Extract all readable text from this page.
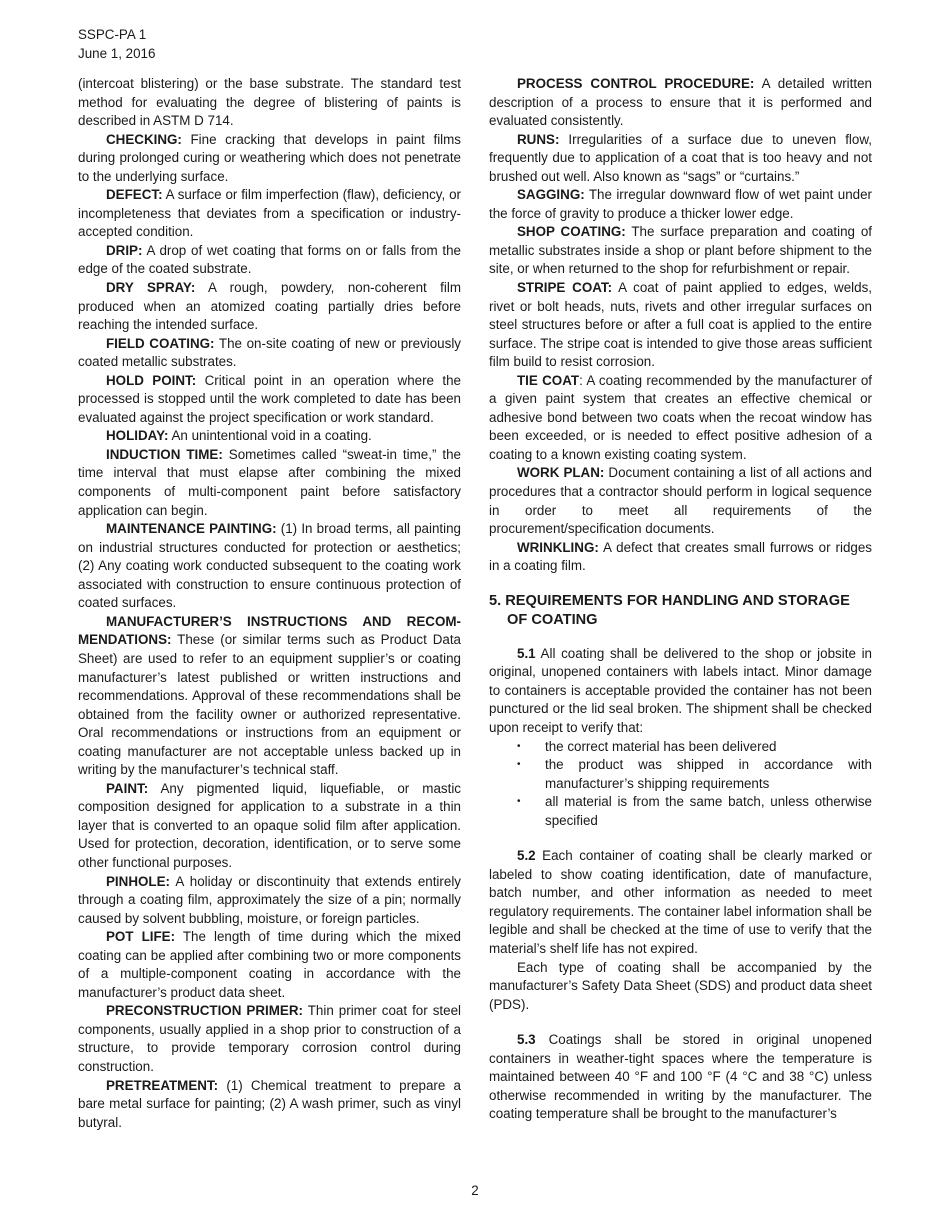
SSPC-PA 1
June 1, 2016

(intercoat blistering) or the base substrate. The standard test method for evaluating the degree of blistering of paints is described in ASTM D 714.

CHECKING: Fine cracking that develops in paint films during prolonged curing or weathering which does not penetrate to the underlying surface.

DEFECT: A surface or film imperfection (flaw), deficiency, or incompleteness that deviates from a specification or industry-accepted condition.

DRIP: A drop of wet coating that forms on or falls from the edge of the coated substrate.

DRY SPRAY: A rough, powdery, non-coherent film produced when an atomized coating partially dries before reaching the intended surface.

FIELD COATING: The on-site coating of new or previously coated metallic substrates.

HOLD POINT: Critical point in an operation where the processed is stopped until the work completed to date has been evaluated against the project specification or work standard.

HOLIDAY: An unintentional void in a coating.

INDUCTION TIME: Sometimes called “sweat-in time,” the time interval that must elapse after combining the mixed components of multi-component paint before satisfactory application can begin.

MAINTENANCE PAINTING: (1) In broad terms, all painting on industrial structures conducted for protection or aesthetics; (2) Any coating work conducted subsequent to the coating work associated with construction to ensure continuous protection of coated surfaces.

MANUFACTURER’S INSTRUCTIONS AND RECOM-MENDATIONS: These (or similar terms such as Product Data Sheet) are used to refer to an equipment supplier’s or coating manufacturer’s latest published or written instructions and recommendations. Approval of these recommendations shall be obtained from the facility owner or authorized representative. Oral recommendations or instructions from an equipment or coating manufacturer are not acceptable unless backed up in writing by the manufacturer’s technical staff.

PAINT: Any pigmented liquid, liquefiable, or mastic composition designed for application to a substrate in a thin layer that is converted to an opaque solid film after application. Used for protection, decoration, identification, or to serve some other functional purposes.

PINHOLE: A holiday or discontinuity that extends entirely through a coating film, approximately the size of a pin; normally caused by solvent bubbling, moisture, or foreign particles.

POT LIFE: The length of time during which the mixed coating can be applied after combining two or more components of a multiple-component coating in accordance with the manufacturer’s product data sheet.

PRECONSTRUCTION PRIMER: Thin primer coat for steel components, usually applied in a shop prior to construction of a structure, to provide temporary corrosion control during construction.

PRETREATMENT: (1) Chemical treatment to prepare a bare metal surface for painting; (2) A wash primer, such as vinyl butyral.

PROCESS CONTROL PROCEDURE: A detailed written description of a process to ensure that it is performed and evaluated consistently.

RUNS: Irregularities of a surface due to uneven flow, frequently due to application of a coat that is too heavy and not brushed out well. Also known as “sags” or “curtains.”

SAGGING: The irregular downward flow of wet paint under the force of gravity to produce a thicker lower edge.

SHOP COATING: The surface preparation and coating of metallic substrates inside a shop or plant before shipment to the site, or when returned to the shop for refurbishment or repair.

STRIPE COAT: A coat of paint applied to edges, welds, rivet or bolt heads, nuts, rivets and other irregular surfaces on steel structures before or after a full coat is applied to the entire surface. The stripe coat is intended to give those areas sufficient film build to resist corrosion.

TIE COAT: A coating recommended by the manufacturer of a given paint system that creates an effective chemical or adhesive bond between two coats when the recoat window has been exceeded, or is needed to effect positive adhesion of a coating to a known existing coating system.

WORK PLAN: Document containing a list of all actions and procedures that a contractor should perform in logical sequence in order to meet all requirements of the procurement/specification documents.

WRINKLING: A defect that creates small furrows or ridges in a coating film.

5. REQUIREMENTS FOR HANDLING AND STORAGE OF COATING

5.1 All coating shall be delivered to the shop or jobsite in original, unopened containers with labels intact. Minor damage to containers is acceptable provided the container has not been punctured or the lid seal broken. The shipment shall be checked upon receipt to verify that:

• the correct material has been delivered
• the product was shipped in accordance with manufacturer’s shipping requirements
• all material is from the same batch, unless otherwise specified

5.2 Each container of coating shall be clearly marked or labeled to show coating identification, date of manufacture, batch number, and other information as needed to meet regulatory requirements. The container label information shall be legible and shall be checked at the time of use to verify that the material’s shelf life has not expired.

Each type of coating shall be accompanied by the manufacturer’s Safety Data Sheet (SDS) and product data sheet (PDS).

5.3 Coatings shall be stored in original unopened containers in weather-tight spaces where the temperature is maintained between 40 °F and 100 °F (4 °C and 38 °C) unless otherwise recommended in writing by the manufacturer. The coating temperature shall be brought to the manufacturer’s

2
